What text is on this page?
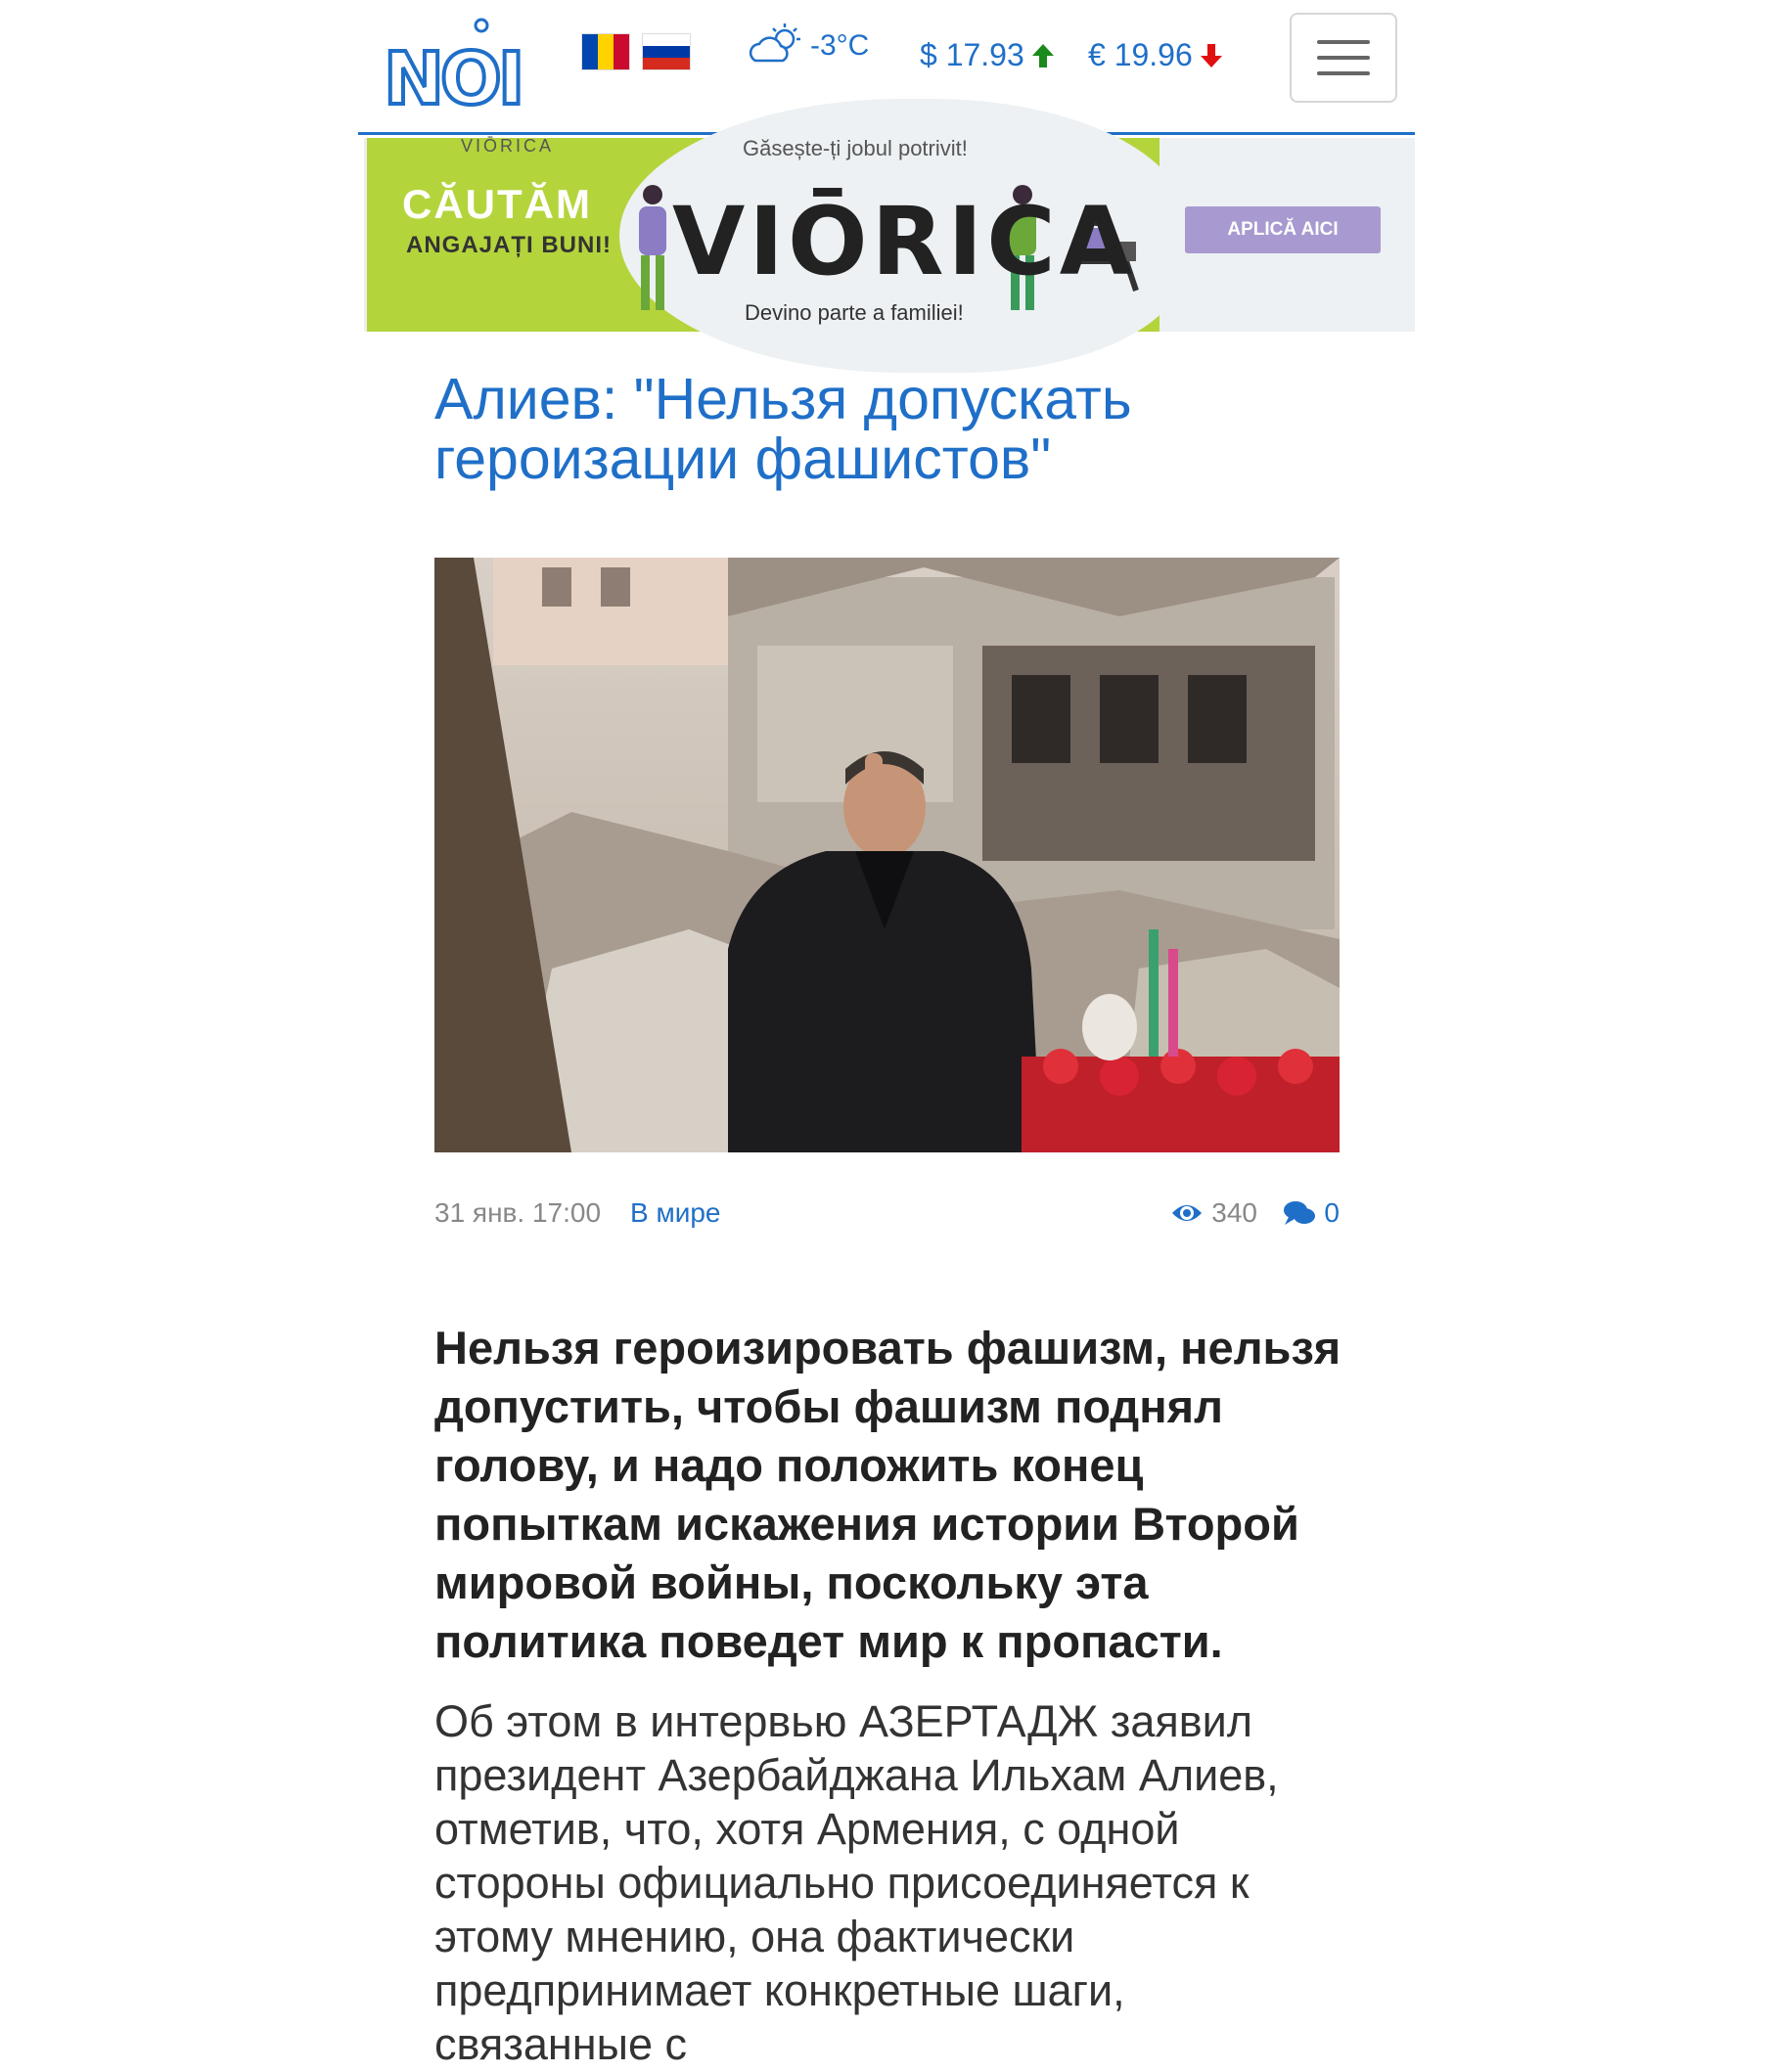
NOI	-3°C $ 17.93 € 19.96
VIŌRICA	Găsește-ți jobul potrivit!
CĂUTĂM
ANGAJAȚI BUNI! VIŌRICA
Devino parte a familiei!
APLICĂ AICI
Алиев: "Нельзя допускать героизации фашистов"
31 янв. 17:00 В мире	340 0

Нельзя героизировать фашизм, нельзя допустить, чтобы фашизм поднял голову, и надо положить конец попыткам искажения истории Второй мировой войны, поскольку эта политика поведет мир к пропасти.

Об этом в интервью АЗЕРТАДЖ заявил президент Азербайджана Ильхам Алиев, отметив, что, хотя Армения, с одной стороны официально присоединяется к этому мнению, она фактически предпринимает конкретные шаги, связанные с
